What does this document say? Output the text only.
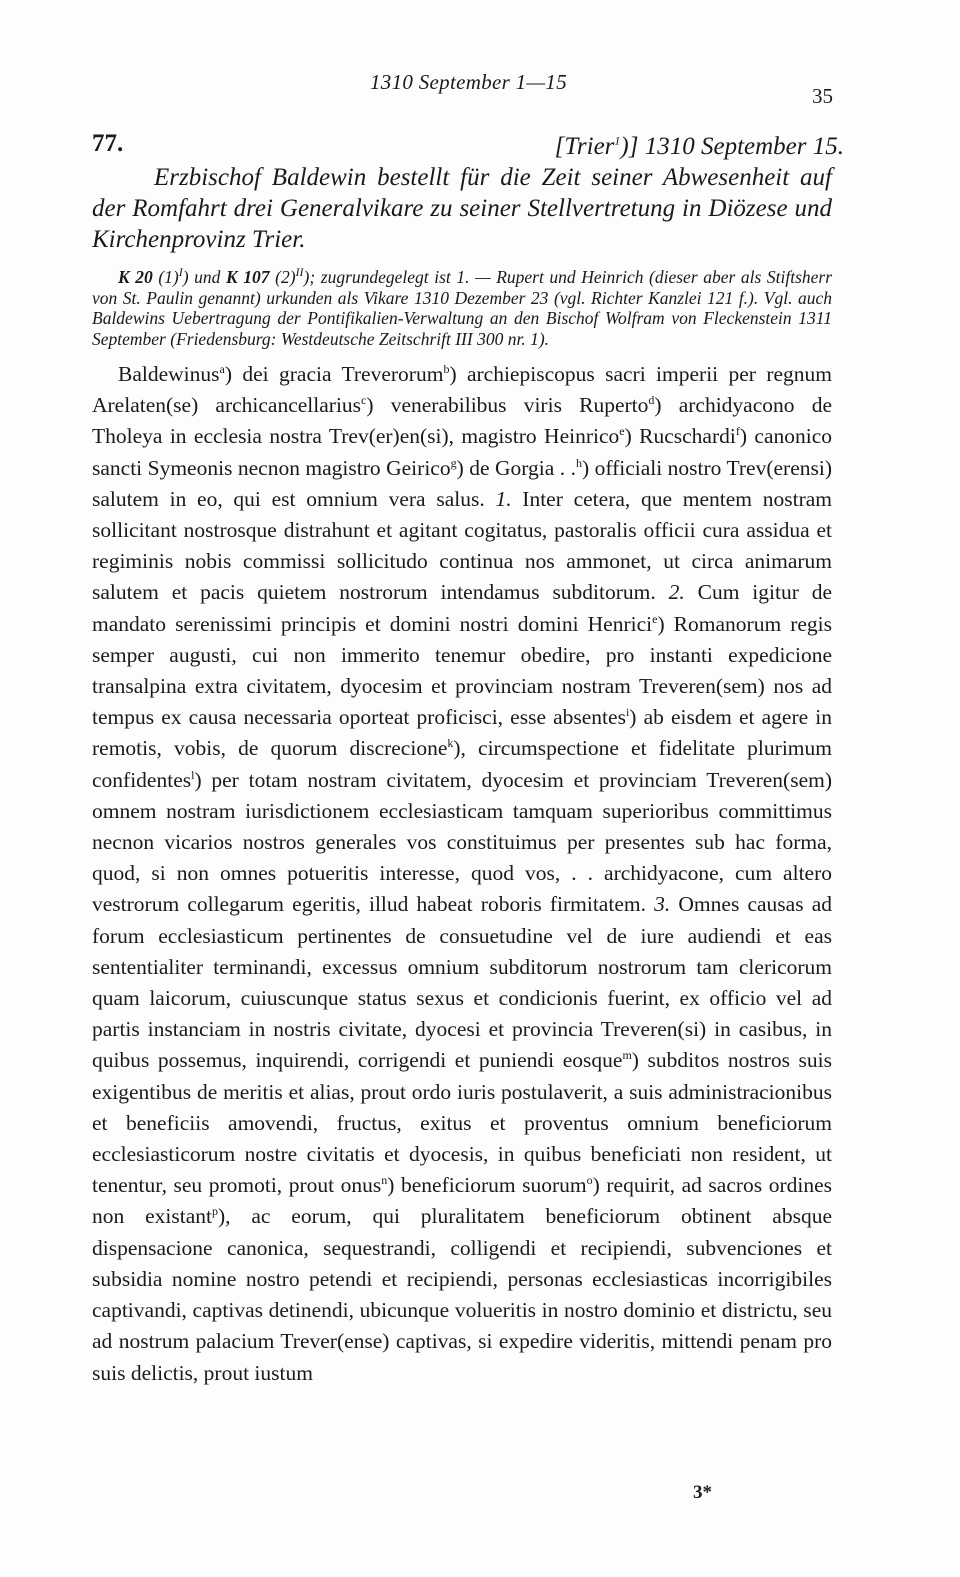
1310 September 1—15
35
77.	[Trier$^1$)] 1310 September 15.

Erzbischof Baldewin bestellt für die Zeit seiner Abwesenheit auf der Romfahrt drei Generalvikare zu seiner Stellvertretung in Diözese und Kirchenprovinz Trier.

K 20 $(1)^I$) und K 107 $(2)^{II}$); zugrundegelegt ist 1. — Rupert und Heinrich (dieser aber als Stiftsherr von St. Paulin genannt) urkunden als Vikare 1310 Dezember 23 (vgl. Richter Kanzlei 121 f.). Vgl. auch Baldewins Uebertragung der Pontifikalien-Verwaltung an den Bischof Wolfram von Fleckenstein 1311 September (Friedensburg: Westdeutsche Zeitschrift III 300 nr. 1).

Baldewinus$^a$) dei gracia Treverorum$^b$) archiepiscopus sacri imperii per regnum Arelaten(se) archicancellarius$^c$) venerabilibus viris Ruperto$^d$) archidyacono de Tholeya in ecclesia nostra Trev(er)en(si), magistro Heinrico$^e$) Rucschardi$^f$) canonico sancti Symeonis necnon magistro Geirico$^g$) de Gorgia . .$^h$) officiali nostro Trev(erensi) salutem in eo, qui est omnium vera salus. 1. Inter cetera, que mentem nostram sollicitant nostrosque distrahunt et agitant cogitatus, pastoralis officii cura assidua et regiminis nobis commissi sollicitudo continua nos ammonet, ut circa animarum salutem et pacis quietem nostrorum intendamus subditorum. 2. Cum igitur de mandato serenissimi principis et domini nostri domini Henrici$^e$) Romanorum regis semper augusti, cui non immerito tenemur obedire, pro instanti expedicione transalpina extra civitatem, dyocesim et provinciam nostram Treveren(sem) nos ad tempus ex causa necessaria oporteat proficisci, esse absentes$^i$) ab eisdem et agere in remotis, vobis, de quorum discrecione$^k$), circumspectione et fidelitate plurimum confidentes$^l$) per totam nostram civitatem, dyocesim et provinciam Treveren(sem) omnem nostram iurisdictionem ecclesiasticam tamquam superioribus committimus necnon vicarios nostros generales vos constituimus per presentes sub hac forma, quod, si non omnes potueritis interesse, quod vos, . . archidyacone, cum altero vestrorum collegarum egeritis, illud habeat roboris firmitatem. 3. Omnes causas ad forum ecclesiasticum pertinentes de consuetudine vel de iure audiendi et eas sententialiter terminandi, excessus omnium subditorum nostrorum tam clericorum quam laicorum, cuiuscunque status sexus et condicionis fuerint, ex officio vel ad partis instanciam in nostris civitate, dyocesi et provincia Treveren(si) in casibus, in quibus possemus, inquirendi, corrigendi et puniendi eosque$^m$) subditos nostros suis exigentibus de meritis et alias, prout ordo iuris postulaverit, a suis administracionibus et beneficiis amovendi, fructus, exitus et proventus omnium beneficiorum ecclesiasticorum nostre civitatis et dyocesis, in quibus beneficiati non resident, ut tenentur, seu promoti, prout onus$^n$) beneficiorum suorum$^o$) requirit, ad sacros ordines non existant$^p$), ac eorum, qui pluralitatem beneficiorum obtinent absque dispensacione canonica, sequestrandi, colligendi et recipiendi, subvenciones et subsidia nomine nostro petendi et recipiendi, personas ecclesiasticas incorrigibiles captivandi, captivas detinendi, ubicunque volueritis in nostro dominio et districtu, seu ad nostrum palacium Trever(ense) captivas, si expedire videritis, mittendi penam pro suis delictis, prout iustum

3*
